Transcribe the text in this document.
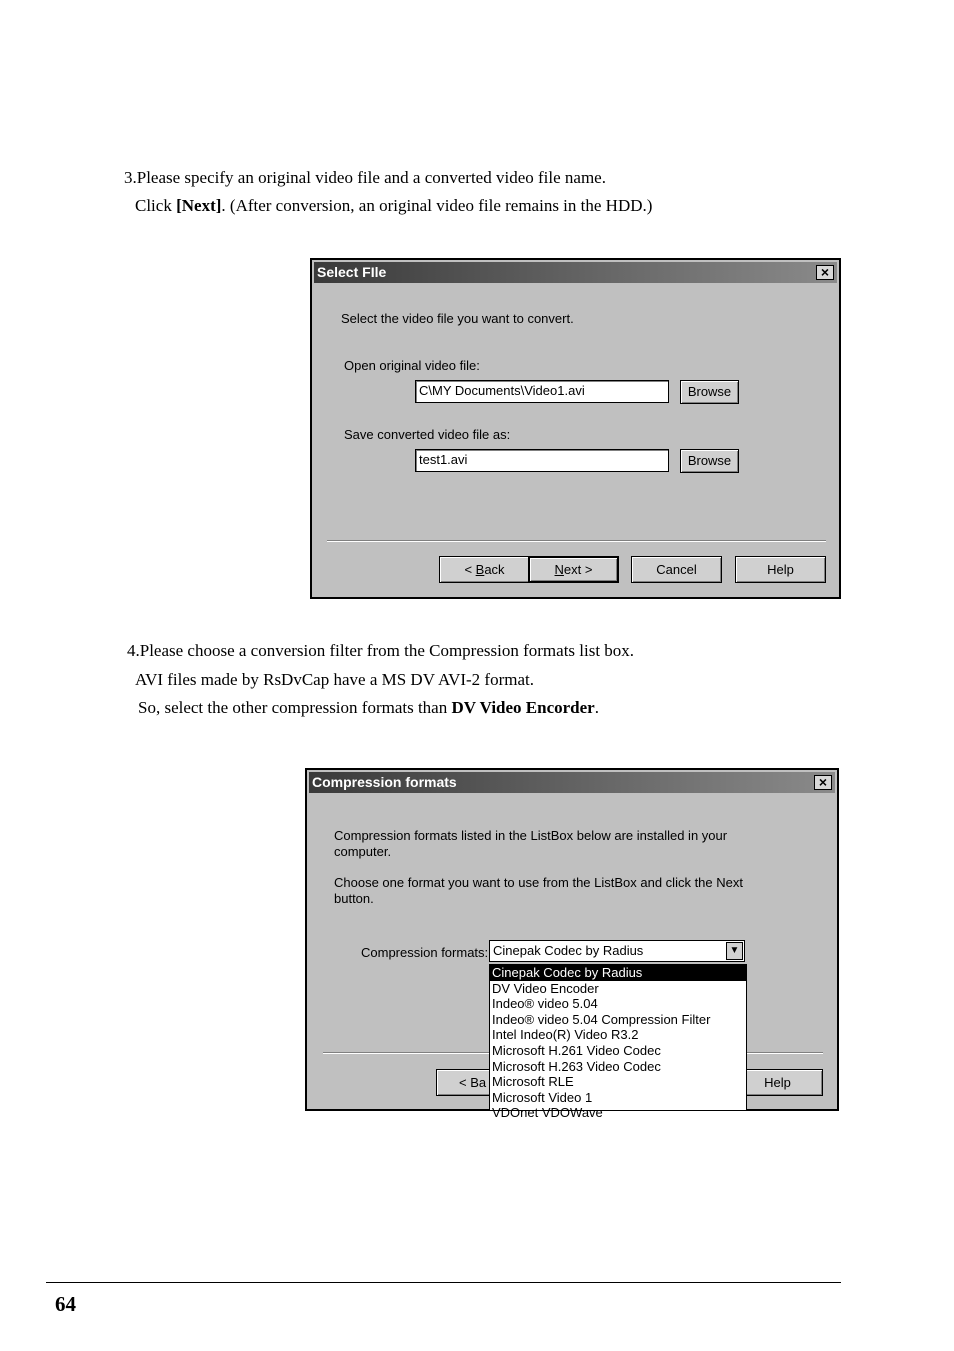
3.Please specify an original video file and a converted video file name.
Click [Next]. (After conversion, an original video file remains in the HDD.)
Select FIle	×
Select the video file you want to convert.
Open original video file:
C\MY Documents\Video1.avi	Browse
Save converted video file as:
test1.avi	Browse
< Back	Next >	Cancel	Help
4.Please choose a conversion filter from the Compression formats list box.
AVI files made by RsDvCap have a MS DV AVI-2 format.
So, select the other compression formats than DV Video Encorder.
Compression formats	×
Compression formats listed in the ListBox below are installed in your
computer.
Choose one format you want to use from the ListBox and click the Next
button.
Compression formats: Cinepak Codec by Radius	▼
< Ba	Help
Cinepak Codec by Radius
DV Video Encoder
Indeo® video 5.04
Indeo® video 5.04 Compression Filter
Intel Indeo(R) Video R3.2
Microsoft H.261 Video Codec
Microsoft H.263 Video Codec
Microsoft RLE
Microsoft Video 1
VDOnet VDOWave
64
